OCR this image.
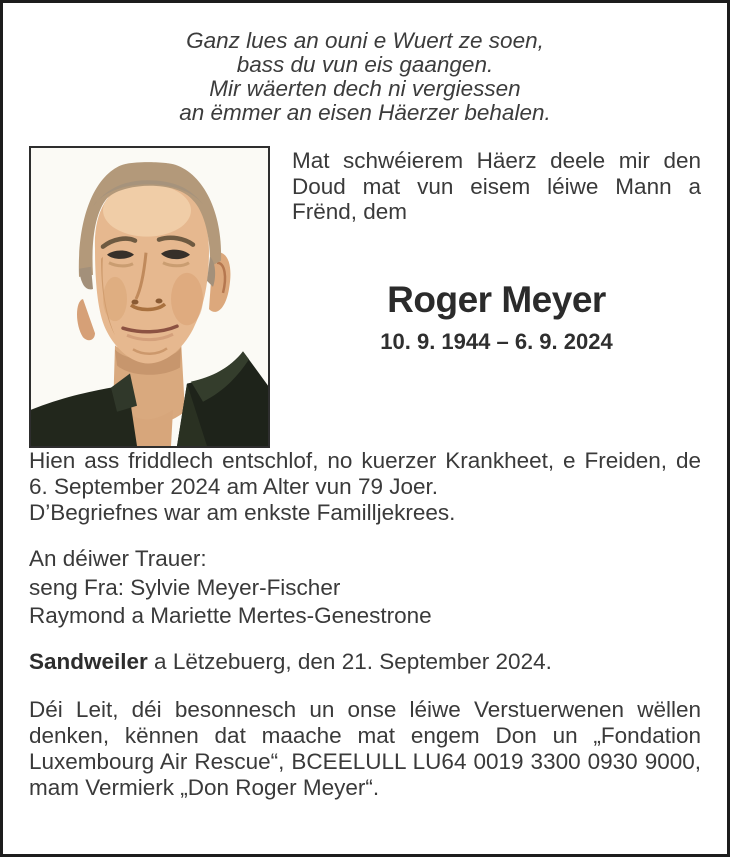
Ganz lues an ouni e Wuert ze soen,
bass du vun eis gaangen.
Mir wäerten dech ni vergiessen
an ëmmer an eisen Häerzer behalen.

Mat schwéierem Häerz deele mir den Doud mat vun eisem léiwe Mann a Frënd, dem

Roger Meyer
10. 9. 1944 – 6. 9. 2024

Hien ass friddlech entschlof, no kuerzer Krankheet, e Freiden, de 6. September 2024 am Alter vun 79 Joer.

D’Begriefnes war am enkste Familljekrees.

An déiwer Trauer:
seng Fra: Sylvie Meyer-Fischer
Raymond a Mariette Mertes-Genestrone

Sandweiler a Lëtzebuerg, den 21. September 2024.

Déi Leit, déi besonnesch un onse léiwe Verstuerwenen wëllen denken, kënnen dat maache mat engem Don un „Fondation Luxembourg Air Rescue“, BCEELULL LU64 0019 3300 0930 9000, mam Vermierk „Don Roger Meyer“.
